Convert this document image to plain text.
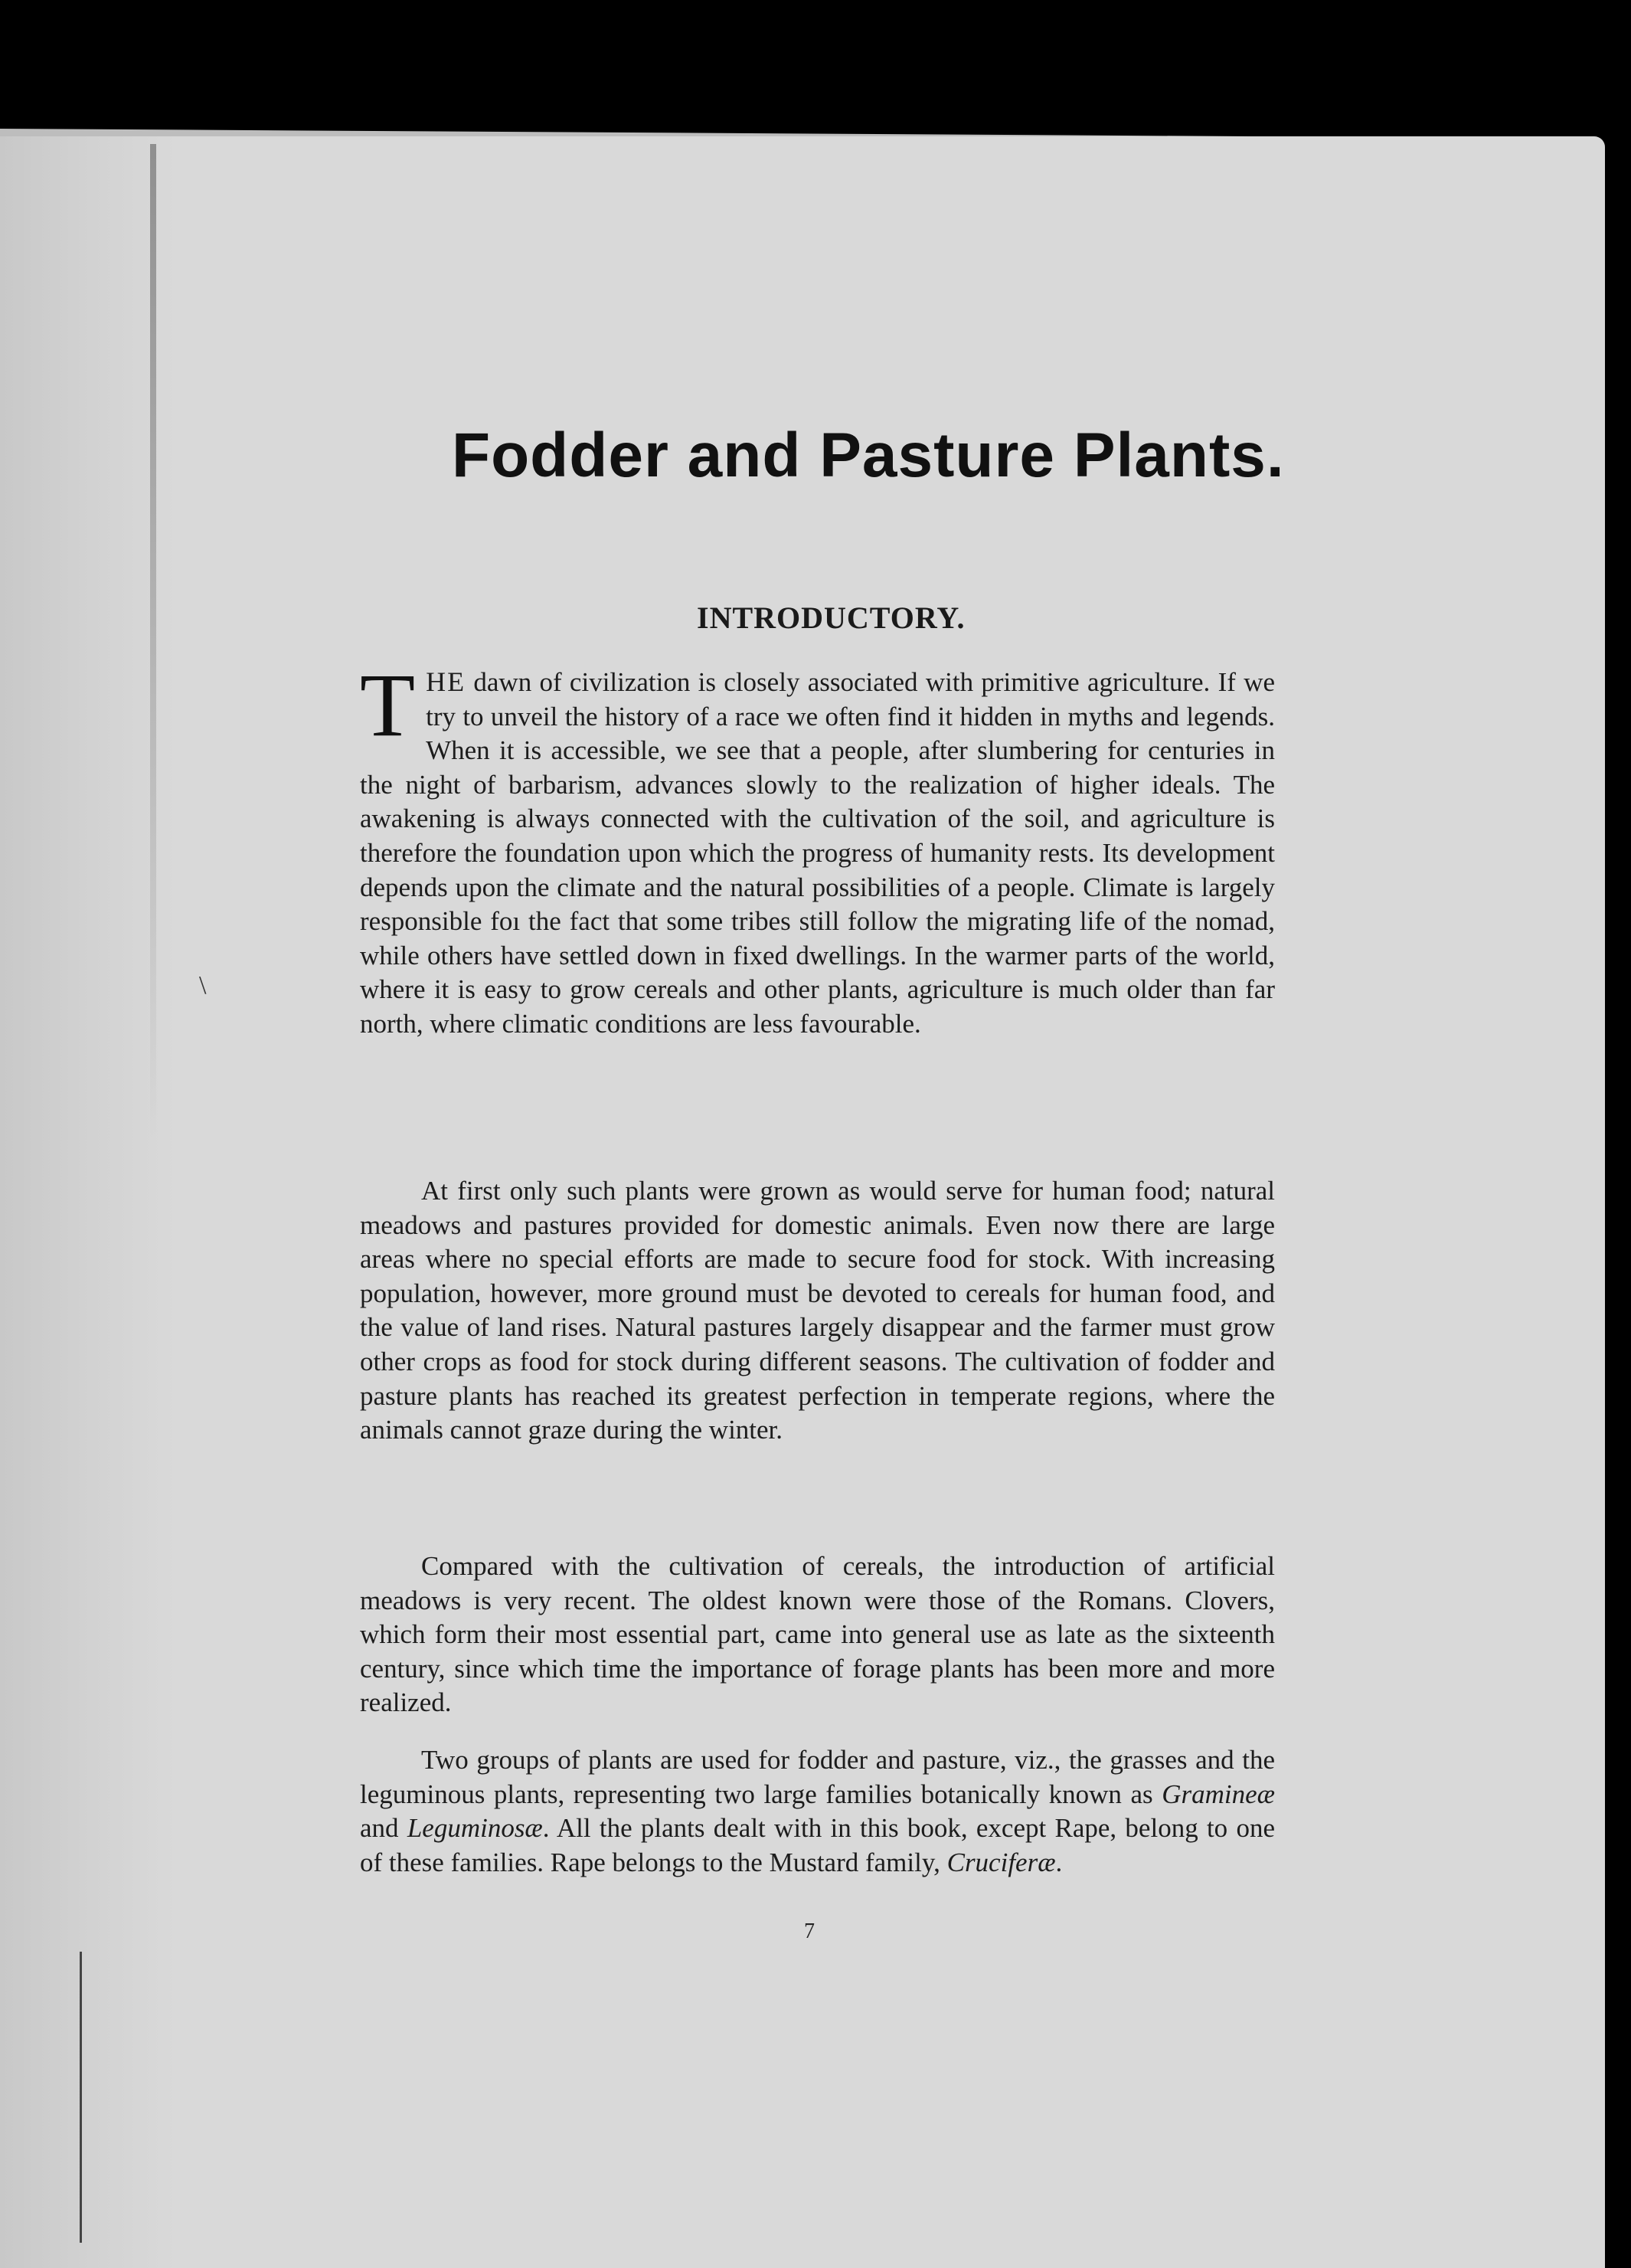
\
Fodder and Pasture Plants.
INTRODUCTORY.

THE dawn of civilization is closely associated with primitive agriculture. If we try to unveil the history of a race we often find it hidden in myths and legends. When it is accessible, we see that a people, after slumbering for centuries in the night of barbarism, advances slowly to the realization of higher ideals. The awakening is always connected with the cultivation of the soil, and agriculture is therefore the foundation upon which the progress of humanity rests. Its development depends upon the climate and the natural possibilities of a people. Climate is largely responsible foı the fact that some tribes still follow the migrating life of the nomad, while others have settled down in fixed dwellings. In the warmer parts of the world, where it is easy to grow cereals and other plants, agriculture is much older than far north, where climatic conditions are less favourable.

At first only such plants were grown as would serve for human food; natural meadows and pastures provided for domestic animals. Even now there are large areas where no special efforts are made to secure food for stock. With increasing population, however, more ground must be devoted to cereals for human food, and the value of land rises. Natural pastures largely disappear and the farmer must grow other crops as food for stock during different seasons. The cultivation of fodder and pasture plants has reached its greatest perfection in temperate regions, where the animals cannot graze during the winter.

Compared with the cultivation of cereals, the introduction of artificial meadows is very recent. The oldest known were those of the Romans. Clovers, which form their most essential part, came into general use as late as the sixteenth century, since which time the importance of forage plants has been more and more realized.

Two groups of plants are used for fodder and pasture, viz., the grasses and the leguminous plants, representing two large families botanically known as Gramineæ and Leguminosæ. All the plants dealt with in this book, except Rape, belong to one of these families. Rape belongs to the Mustard family, Cruciferæ.

7
